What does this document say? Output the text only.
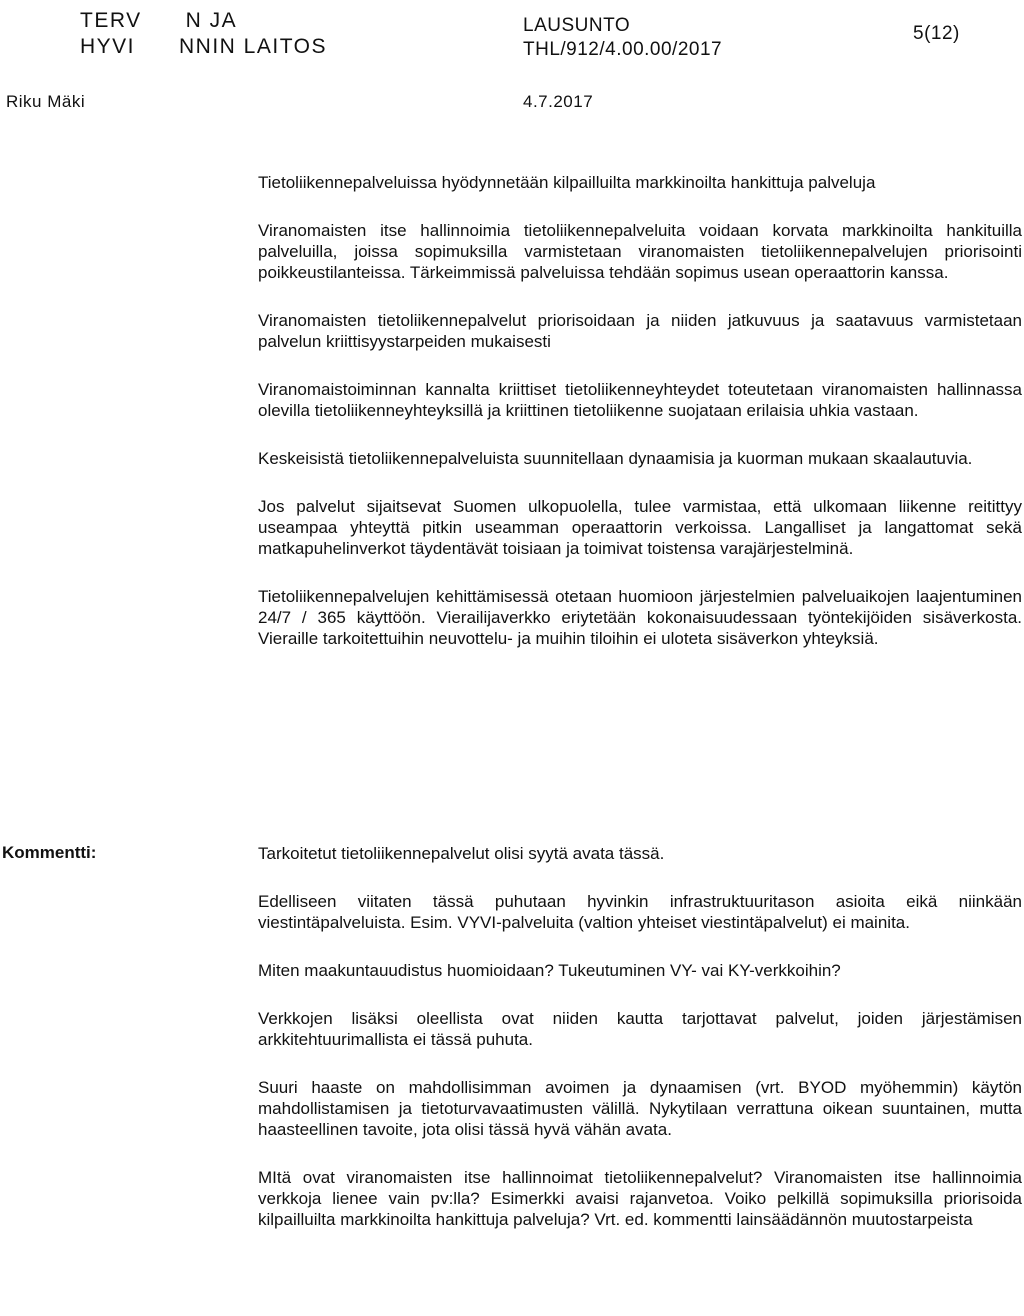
TERV      N JA
HYVI      NNIN LAITOS
LAUSUNTO
THL/912/4.00.00/2017
5(12)
Riku Mäki	4.7.2017

Tietoliikennepalveluissa hyödynnetään kilpailluilta markkinoilta hankittuja palveluja

Viranomaisten itse hallinnoimia tietoliikennepalveluita voidaan korvata markkinoilta hankituilla palveluilla, joissa sopimuksilla varmistetaan viranomaisten tietoliikennepalvelujen priorisointi poikkeustilanteissa. Tärkeimmissä palveluissa tehdään sopimus usean operaattorin kanssa.

Viranomaisten tietoliikennepalvelut priorisoidaan ja niiden jatkuvuus ja saatavuus varmistetaan palvelun kriittisyystarpeiden mukaisesti

Viranomaistoiminnan kannalta kriittiset tietoliikenneyhteydet toteutetaan viranomaisten hallinnassa olevilla tietoliikenneyhteyksillä ja kriittinen tietoliikenne suojataan erilaisia uhkia vastaan.

Keskeisistä tietoliikennepalveluista suunnitellaan dynaamisia ja kuorman mukaan skaalautuvia.

Jos palvelut sijaitsevat Suomen ulkopuolella, tulee varmistaa, että ulkomaan liikenne reitittyy useampaa yhteyttä pitkin useamman operaattorin verkoissa. Langalliset ja langattomat sekä matkapuhelinverkot täydentävät toisiaan ja toimivat toistensa varajärjestelminä.

Tietoliikennepalvelujen kehittämisessä otetaan huomioon järjestelmien palveluaikojen laajentuminen 24/7 / 365 käyttöön. Vierailijaverkko eriytetään kokonaisuudessaan työntekijöiden sisäverkosta. Vieraille tarkoitettuihin neuvottelu- ja muihin tiloihin ei uloteta sisäverkon yhteyksiä.

Kommentti:	Tarkoitetut tietoliikennepalvelut olisi syytä avata tässä.

Edelliseen viitaten tässä puhutaan hyvinkin infrastruktuuritason asioita eikä niinkään viestintäpalveluista. Esim. VYVI-palveluita (valtion yhteiset viestintäpalvelut) ei mainita.

Miten maakuntauudistus huomioidaan? Tukeutuminen VY- vai KY-verkkoihin?

Verkkojen lisäksi oleellista ovat niiden kautta tarjottavat palvelut, joiden järjestämisen arkkitehtuurimallista ei tässä puhuta.

Suuri haaste on mahdollisimman avoimen ja dynaamisen (vrt. BYOD myöhemmin) käytön mahdollistamisen ja tietoturvavaatimusten välillä. Nykytilaan verrattuna oikean suuntainen, mutta haasteellinen tavoite, jota olisi tässä hyvä vähän avata.

MItä ovat viranomaisten itse hallinnoimat tietoliikennepalvelut? Viranomaisten itse hallinnoimia verkkoja lienee vain pv:lla? Esimerkki avaisi rajanvetoa. Voiko pelkillä sopimuksilla priorisoida kilpailluilta markkinoilta hankittuja palveluja? Vrt. ed. kommentti lainsäädännön muutostarpeista
